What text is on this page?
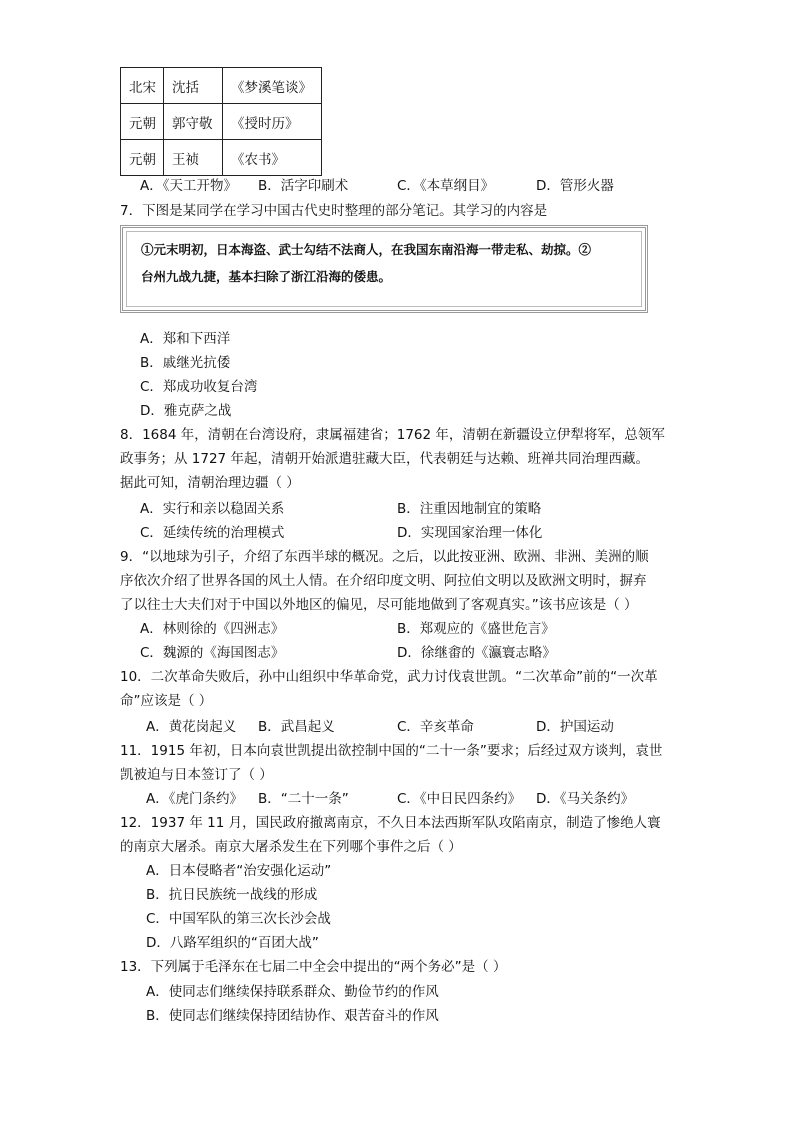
北宋	沈括	《梦溪笔谈》
元朝	郭守敬	《授时历》
元朝	王祯	《农书》
A．《天工开物》 B．活字印刷术	C．《本草纲目》	D．管形火器
7．下图是某同学在学习中国古代史时整理的部分笔记。其学习的内容是
①元末明初，日本海盗、武士勾结不法商人，在我国东南沿海一带走私、劫掠。②
台州九战九捷，基本扫除了浙江沿海的倭患。
A．郑和下西洋
B．戚继光抗倭
C．郑成功收复台湾
D．雅克萨之战
8．1684 年，清朝在台湾设府，隶属福建省；1762 年，清朝在新疆设立伊犁将军，总领军
政事务；从 1727 年起，清朝开始派遣驻藏大臣，代表朝廷与达赖、班禅共同治理西藏。
据此可知，清朝治理边疆（ ）
A．实行和亲以稳固关系	B．注重因地制宜的策略
C．延续传统的治理模式	D．实现国家治理一体化
9．“以地球为引子，介绍了东西半球的概况。之后，以此按亚洲、欧洲、非洲、美洲的顺
序依次介绍了世界各国的风土人情。在介绍印度文明、阿拉伯文明以及欧洲文明时，摒弃
了以往士大夫们对于中国以外地区的偏见，尽可能地做到了客观真实。”该书应该是（ ）
A．林则徐的《四洲志》	B．郑观应的《盛世危言》
C．魏源的《海国图志》	D．徐继畬的《瀛寰志略》
10．二次革命失败后，孙中山组织中华革命党，武力讨伐袁世凯。“二次革命”前的“一次革
命”应该是（ ）
A．黄花岗起义 B．武昌起义	C．辛亥革命	D．护国运动
11．1915 年初，日本向袁世凯提出欲控制中国的“二十一条”要求；后经过双方谈判，袁世
凯被迫与日本签订了（ ）
A．《虎门条约》 B．“二十一条”	C．《中日民四条约》 D．《马关条约》
12．1937 年 11 月，国民政府撤离南京，不久日本法西斯军队攻陷南京，制造了惨绝人寰
的南京大屠杀。南京大屠杀发生在下列哪个事件之后（ ）
A．日本侵略者“治安强化运动”
B．抗日民族统一战线的形成
C．中国军队的第三次长沙会战
D．八路军组织的“百团大战”
13．下列属于毛泽东在七届二中全会中提出的“两个务必”是（ ）
A．使同志们继续保持联系群众、勤俭节约的作风
B．使同志们继续保持团结协作、艰苦奋斗的作风
